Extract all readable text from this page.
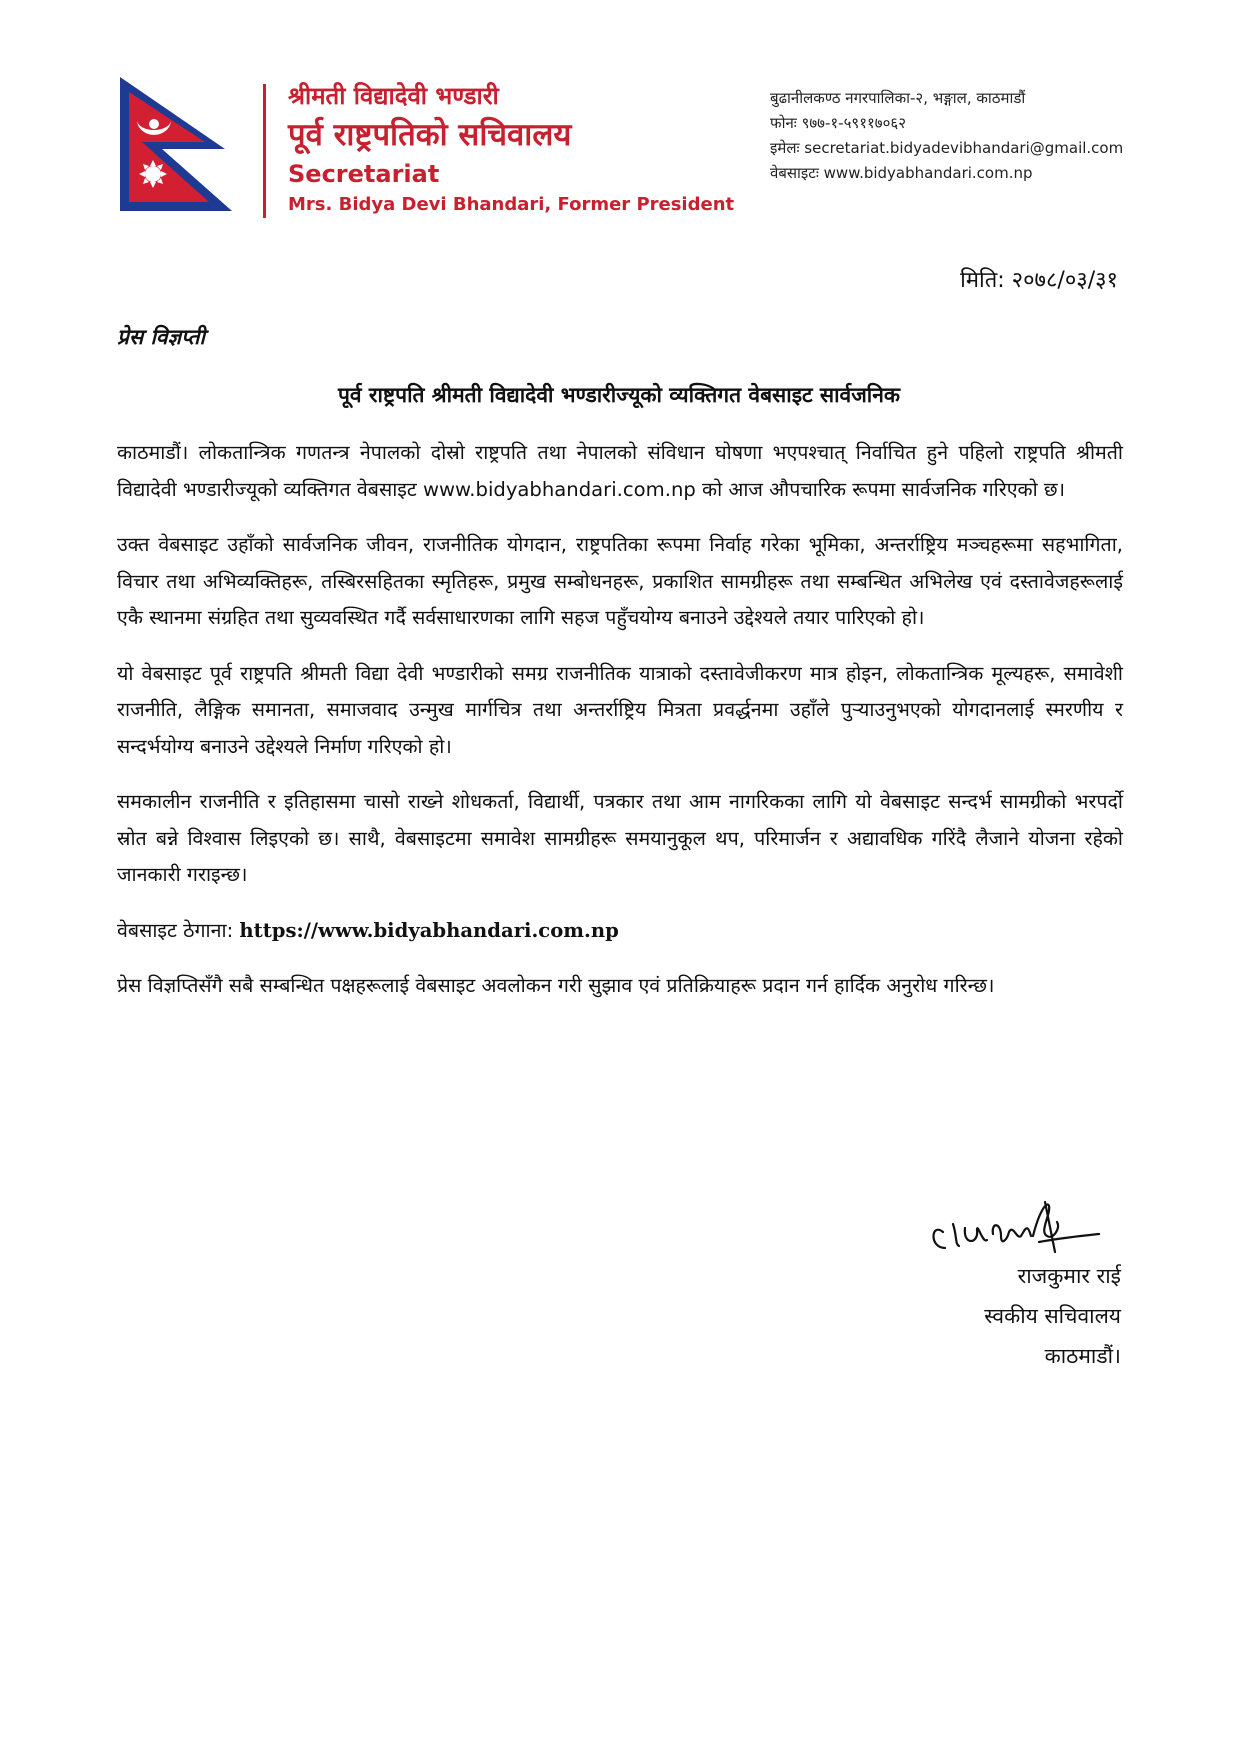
श्रीमती विद्यादेवी भण्डारी
पूर्व राष्ट्रपतिको सचिवालय
Secretariat
Mrs. Bidya Devi Bhandari, Former President
बुढानीलकण्ठ नगरपालिका-२, भङ्गाल, काठमाडौं
फोनः ९७७-१-५९११७०६२
इमेलः secretariat.bidyadevibhandari@gmail.com
वेबसाइटः www.bidyabhandari.com.np
मिति: २०७८/०३/३१
प्रेस विज्ञप्ती
पूर्व राष्ट्रपति श्रीमती विद्यादेवी भण्डारीज्यूको व्यक्तिगत वेबसाइट सार्वजनिक

काठमाडौं। लोकतान्त्रिक गणतन्त्र नेपालको दोस्रो राष्ट्रपति तथा नेपालको संविधान घोषणा भएपश्चात् निर्वाचित हुने पहिलो राष्ट्रपति श्रीमती विद्यादेवी भण्डारीज्यूको व्यक्तिगत वेबसाइट www.bidyabhandari.com.np को आज औपचारिक रूपमा सार्वजनिक गरिएको छ।

उक्त वेबसाइट उहाँको सार्वजनिक जीवन, राजनीतिक योगदान, राष्ट्रपतिका रूपमा निर्वाह गरेका भूमिका, अन्तर्राष्ट्रिय मञ्चहरूमा सहभागिता, विचार तथा अभिव्यक्तिहरू, तस्बिरसहितका स्मृतिहरू, प्रमुख सम्बोधनहरू, प्रकाशित सामग्रीहरू तथा सम्बन्धित अभिलेख एवं दस्तावेजहरूलाई एकै स्थानमा संग्रहित तथा सुव्यवस्थित गर्दै सर्वसाधारणका लागि सहज पहुँचयोग्य बनाउने उद्देश्यले तयार पारिएको हो।

यो वेबसाइट पूर्व राष्ट्रपति श्रीमती विद्या देवी भण्डारीको समग्र राजनीतिक यात्राको दस्तावेजीकरण मात्र होइन, लोकतान्त्रिक मूल्यहरू, समावेशी राजनीति, लैङ्गिक समानता, समाजवाद उन्मुख मार्गचित्र तथा अन्तर्राष्ट्रिय मित्रता प्रवर्द्धनमा उहाँले पुऱ्याउनुभएको योगदानलाई स्मरणीय र सन्दर्भयोग्य बनाउने उद्देश्यले निर्माण गरिएको हो।

समकालीन राजनीति र इतिहासमा चासो राख्ने शोधकर्ता, विद्यार्थी, पत्रकार तथा आम नागरिकका लागि यो वेबसाइट सन्दर्भ सामग्रीको भरपर्दो स्रोत बन्ने विश्वास लिइएको छ। साथै, वेबसाइटमा समावेश सामग्रीहरू समयानुकूल थप, परिमार्जन र अद्यावधिक गरिंदै लैजाने योजना रहेको जानकारी गराइन्छ।

वेबसाइट ठेगाना: https://www.bidyabhandari.com.np

प्रेस विज्ञप्तिसँगै सबै सम्बन्धित पक्षहरूलाई वेबसाइट अवलोकन गरी सुझाव एवं प्रतिक्रियाहरू प्रदान गर्न हार्दिक अनुरोध गरिन्छ।

राजकुमार राई
स्वकीय सचिवालय
काठमाडौं।
